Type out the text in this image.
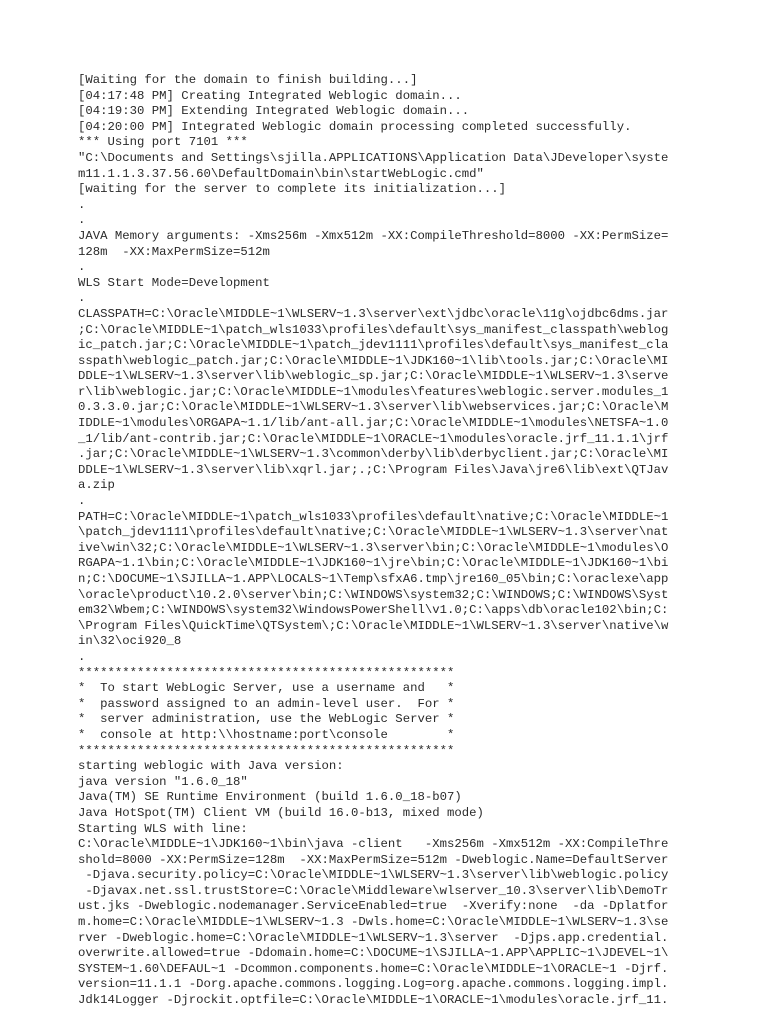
[Waiting for the domain to finish building...]
[04:17:48 PM] Creating Integrated Weblogic domain...
[04:19:30 PM] Extending Integrated Weblogic domain...
[04:20:00 PM] Integrated Weblogic domain processing completed successfully.
*** Using port 7101 ***
"C:\Documents and Settings\sjilla.APPLICATIONS\Application Data\JDeveloper\syste
m11.1.1.3.37.56.60\DefaultDomain\bin\startWebLogic.cmd"
[waiting for the server to complete its initialization...]
.
.
JAVA Memory arguments: -Xms256m -Xmx512m -XX:CompileThreshold=8000 -XX:PermSize=
128m  -XX:MaxPermSize=512m
.
WLS Start Mode=Development
.
CLASSPATH=C:\Oracle\MIDDLE~1\WLSERV~1.3\server\ext\jdbc\oracle\11g\ojdbc6dms.jar
;C:\Oracle\MIDDLE~1\patch_wls1033\profiles\default\sys_manifest_classpath\weblog
ic_patch.jar;C:\Oracle\MIDDLE~1\patch_jdev1111\profiles\default\sys_manifest_cla
sspath\weblogic_patch.jar;C:\Oracle\MIDDLE~1\JDK160~1\lib\tools.jar;C:\Oracle\MI
DDLE~1\WLSERV~1.3\server\lib\weblogic_sp.jar;C:\Oracle\MIDDLE~1\WLSERV~1.3\serve
r\lib\weblogic.jar;C:\Oracle\MIDDLE~1\modules\features\weblogic.server.modules_1
0.3.3.0.jar;C:\Oracle\MIDDLE~1\WLSERV~1.3\server\lib\webservices.jar;C:\Oracle\M
IDDLE~1\modules\ORGAPA~1.1/lib/ant-all.jar;C:\Oracle\MIDDLE~1\modules\NETSFA~1.0
_1/lib/ant-contrib.jar;C:\Oracle\MIDDLE~1\ORACLE~1\modules\oracle.jrf_11.1.1\jrf
.jar;C:\Oracle\MIDDLE~1\WLSERV~1.3\common\derby\lib\derbyclient.jar;C:\Oracle\MI
DDLE~1\WLSERV~1.3\server\lib\xqrl.jar;.;C:\Program Files\Java\jre6\lib\ext\QTJav
a.zip
.
PATH=C:\Oracle\MIDDLE~1\patch_wls1033\profiles\default\native;C:\Oracle\MIDDLE~1
\patch_jdev1111\profiles\default\native;C:\Oracle\MIDDLE~1\WLSERV~1.3\server\nat
ive\win\32;C:\Oracle\MIDDLE~1\WLSERV~1.3\server\bin;C:\Oracle\MIDDLE~1\modules\O
RGAPA~1.1\bin;C:\Oracle\MIDDLE~1\JDK160~1\jre\bin;C:\Oracle\MIDDLE~1\JDK160~1\bi
n;C:\DOCUME~1\SJILLA~1.APP\LOCALS~1\Temp\sfxA6.tmp\jre160_05\bin;C:\oraclexe\app
\oracle\product\10.2.0\server\bin;C:\WINDOWS\system32;C:\WINDOWS;C:\WINDOWS\Syst
em32\Wbem;C:\WINDOWS\system32\WindowsPowerShell\v1.0;C:\apps\db\oracle102\bin;C:
\Program Files\QuickTime\QTSystem\;C:\Oracle\MIDDLE~1\WLSERV~1.3\server\native\w
in\32\oci920_8
.
***************************************************
*  To start WebLogic Server, use a username and   *
*  password assigned to an admin-level user.  For *
*  server administration, use the WebLogic Server *
*  console at http:\\hostname:port\console        *
***************************************************
starting weblogic with Java version:
java version "1.6.0_18"
Java(TM) SE Runtime Environment (build 1.6.0_18-b07)
Java HotSpot(TM) Client VM (build 16.0-b13, mixed mode)
Starting WLS with line:
C:\Oracle\MIDDLE~1\JDK160~1\bin\java -client   -Xms256m -Xmx512m -XX:CompileThre
shold=8000 -XX:PermSize=128m  -XX:MaxPermSize=512m -Dweblogic.Name=DefaultServer
-Djava.security.policy=C:\Oracle\MIDDLE~1\WLSERV~1.3\server\lib\weblogic.policy
-Djavax.net.ssl.trustStore=C:\Oracle\Middleware\wlserver_10.3\server\lib\DemoTr
ust.jks -Dweblogic.nodemanager.ServiceEnabled=true  -Xverify:none  -da -Dplatfor
m.home=C:\Oracle\MIDDLE~1\WLSERV~1.3 -Dwls.home=C:\Oracle\MIDDLE~1\WLSERV~1.3\se
rver -Dweblogic.home=C:\Oracle\MIDDLE~1\WLSERV~1.3\server  -Djps.app.credential.
overwrite.allowed=true -Ddomain.home=C:\DOCUME~1\SJILLA~1.APP\APPLIC~1\JDEVEL~1\
SYSTEM~1.60\DEFAUL~1 -Dcommon.components.home=C:\Oracle\MIDDLE~1\ORACLE~1 -Djrf.
version=11.1.1 -Dorg.apache.commons.logging.Log=org.apache.commons.logging.impl.
Jdk14Logger -Djrockit.optfile=C:\Oracle\MIDDLE~1\ORACLE~1\modules\oracle.jrf_11.
